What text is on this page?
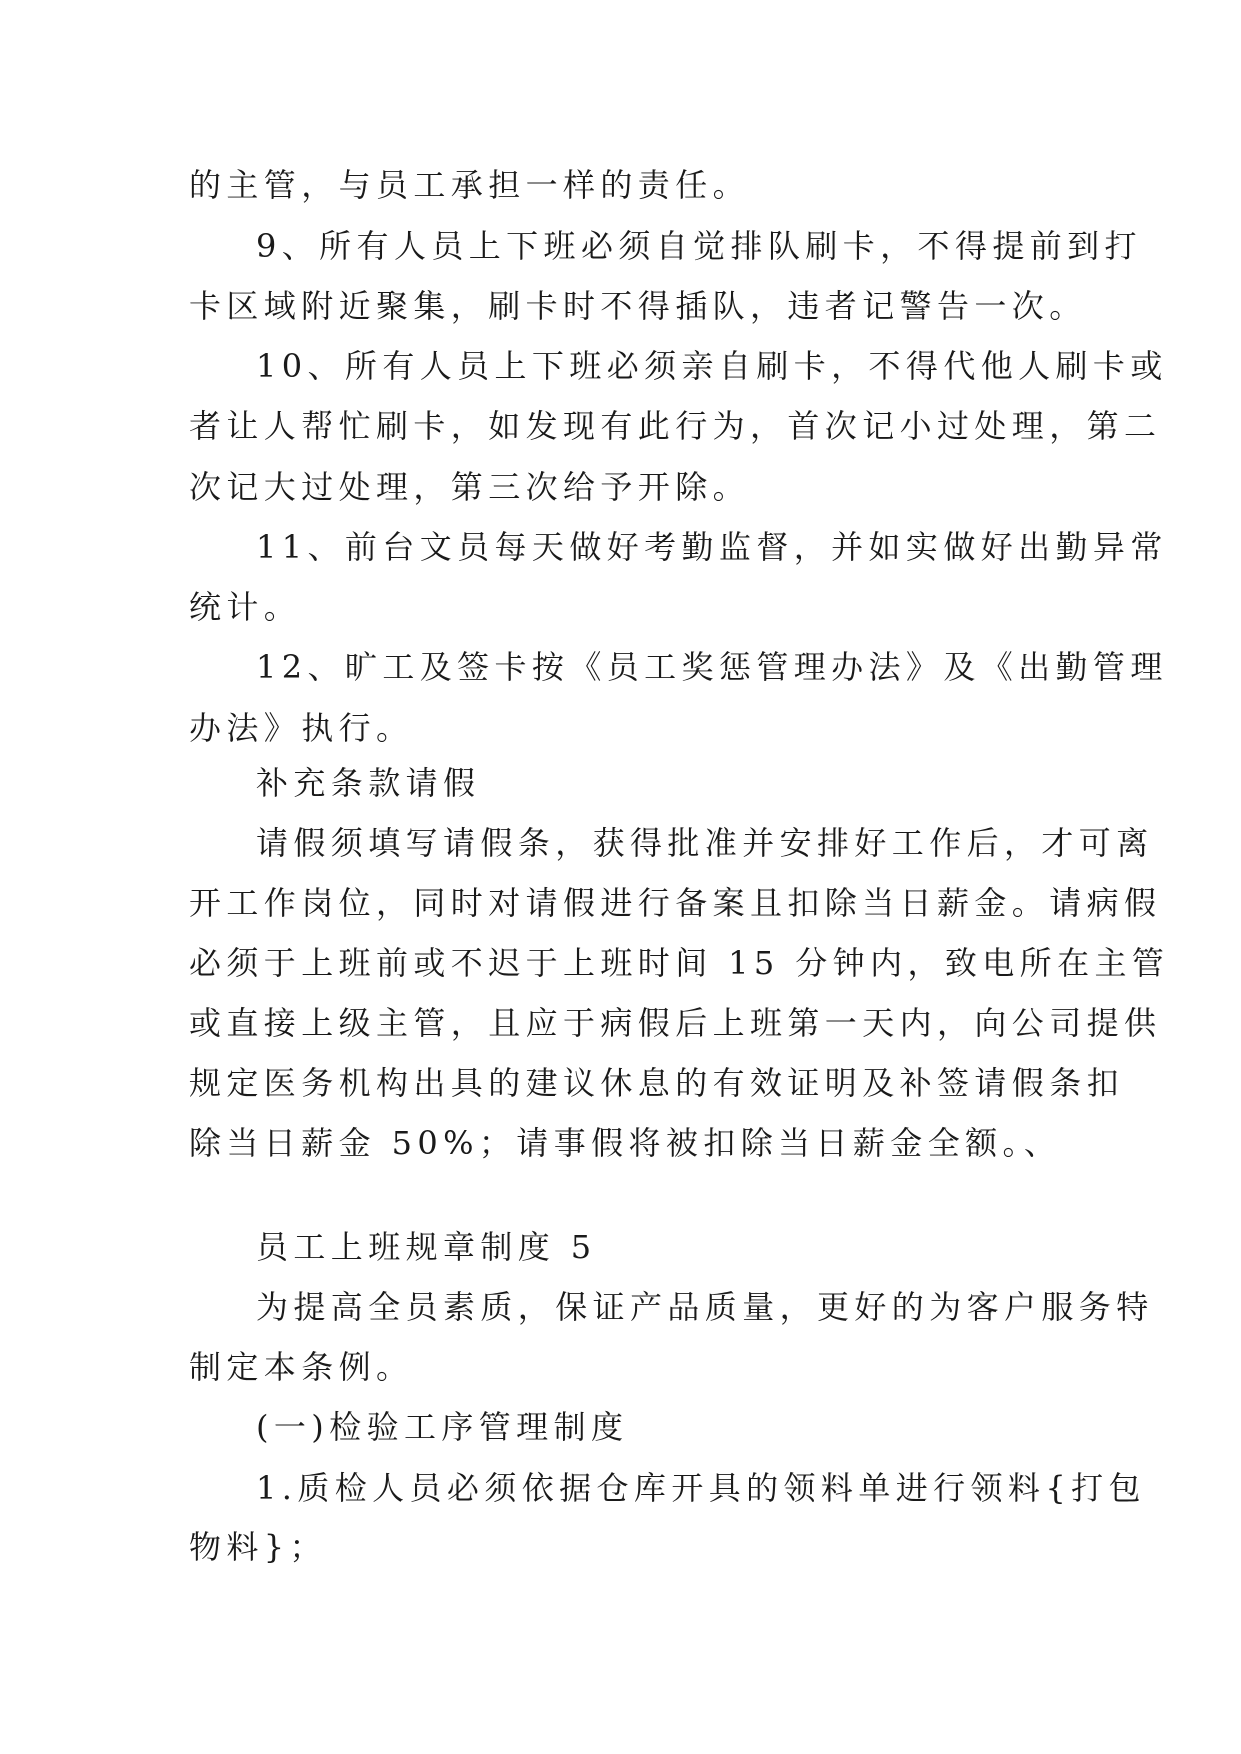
的主管，与员工承担一样的责任。
9、所有人员上下班必须自觉排队刷卡，不得提前到打
卡区域附近聚集，刷卡时不得插队，违者记警告一次。
10、所有人员上下班必须亲自刷卡，不得代他人刷卡或
者让人帮忙刷卡，如发现有此行为，首次记小过处理，第二
次记大过处理，第三次给予开除。
11、前台文员每天做好考勤监督，并如实做好出勤异常
统计。
12、旷工及签卡按《员工奖惩管理办法》及《出勤管理
办法》执行。
补充条款请假
请假须填写请假条，获得批准并安排好工作后，才可离
开工作岗位，同时对请假进行备案且扣除当日薪金。请病假
必须于上班前或不迟于上班时间 15 分钟内，致电所在主管
或直接上级主管，且应于病假后上班第一天内，向公司提供
规定医务机构出具的建议休息的有效证明及补签请假条扣
除当日薪金 50%；请事假将被扣除当日薪金全额。、
员工上班规章制度 5
为提高全员素质，保证产品质量，更好的为客户服务特
制定本条例。
(一)检验工序管理制度
1.质检人员必须依据仓库开具的领料单进行领料{打包
物料}；
